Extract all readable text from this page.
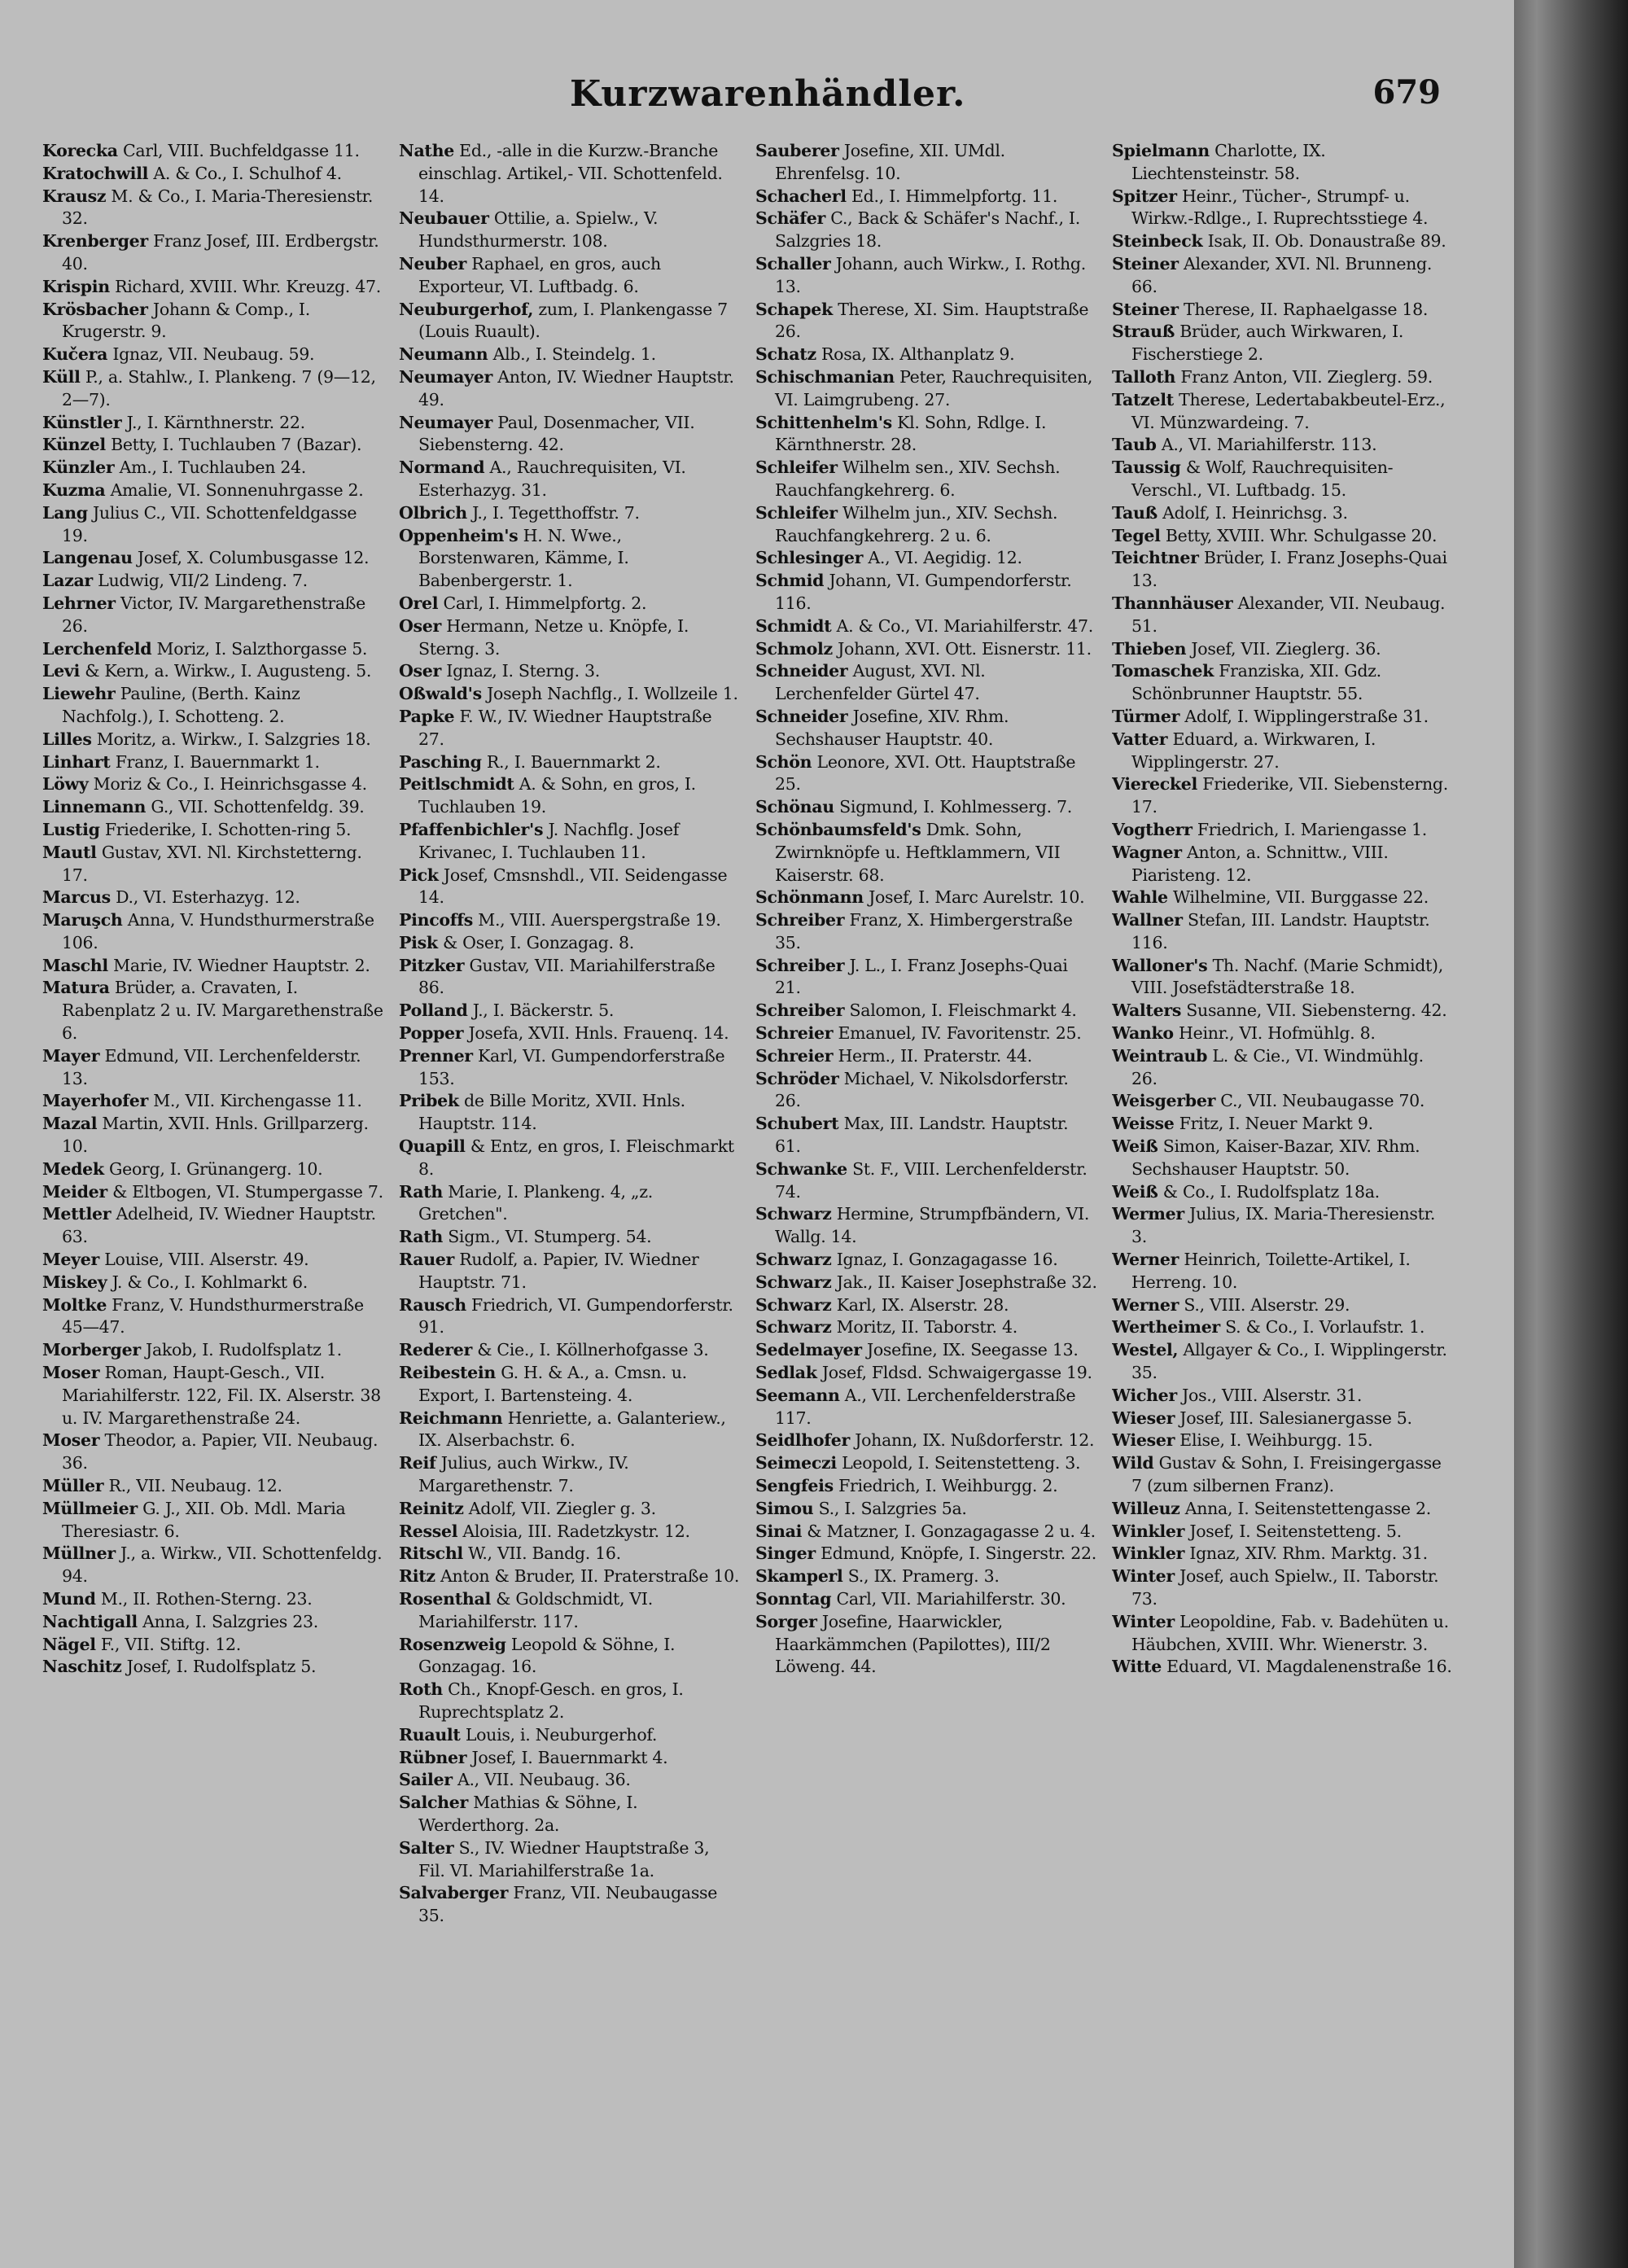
Kurzwarenhändler.	679

Korecka Carl, VIII. Buchfeldgasse 11.

Kratochwill A. & Co., I. Schulhof 4.

Krausz M. & Co., I. Maria-Theresienstr. 32.

Krenberger Franz Josef, III. Erdbergstr. 40.

Krispin Richard, XVIII. Whr. Kreuzg. 47.

Krösbacher Johann & Comp., I. Krugerstr. 9.

Kučera Ignaz, VII. Neubaug. 59.

Küll P., a. Stahlw., I. Plankeng. 7 (9—12, 2—7).

Künstler J., I. Kärnthnerstr. 22.

Künzel Betty, I. Tuchlauben 7 (Bazar).

Künzler Am., I. Tuchlauben 24.

Kuzma Amalie, VI. Sonnenuhrgasse 2.

Lang Julius C., VII. Schottenfeldgasse 19.

Langenau Josef, X. Columbusgasse 12.

Lazar Ludwig, VII/2 Lindeng. 7.

Lehrner Victor, IV. Margarethenstraße 26.

Lerchenfeld Moriz, I. Salzthorgasse 5.

Levi & Kern, a. Wirkw., I. Augusteng. 5.

Liewehr Pauline, (Berth. Kainz Nachfolg.), I. Schotteng. 2.

Lilles Moritz, a. Wirkw., I. Salzgries 18.

Linhart Franz, I. Bauernmarkt 1.

Löwy Moriz & Co., I. Heinrichsgasse 4.

Linnemann G., VII. Schottenfeldg. 39.

Lustig Friederike, I. Schotten-ring 5.

Mautl Gustav, XVI. Nl. Kirchstetterng. 17.

Marcus D., VI. Esterhazyg. 12.

Maruşch Anna, V. Hundsthurmerstraße 106.

Maschl Marie, IV. Wiedner Hauptstr. 2.

Matura Brüder, a. Cravaten, I. Rabenplatz 2 u. IV. Margarethenstraße 6.

Mayer Edmund, VII. Lerchenfelderstr. 13.

Mayerhofer M., VII. Kirchengasse 11.

Mazal Martin, XVII. Hnls. Grillparzerg. 10.

Medek Georg, I. Grünangerg. 10.

Meider & Eltbogen, VI. Stumpergasse 7.

Mettler Adelheid, IV. Wiedner Hauptstr. 63.

Meyer Louise, VIII. Alserstr. 49.

Miskey J. & Co., I. Kohlmarkt 6.

Moltke Franz, V. Hundsthurmerstraße 45—47.

Morberger Jakob, I. Rudolfsplatz 1.

Moser Roman, Haupt-Gesch., VII. Mariahilferstr. 122, Fil. IX. Alserstr. 38 u. IV. Margarethenstraße 24.

Moser Theodor, a. Papier, VII. Neubaug. 36.

Müller R., VII. Neubaug. 12.

Müllmeier G. J., XII. Ob. Mdl. Maria Theresiastr. 6.

Müllner J., a. Wirkw., VII. Schottenfeldg. 94.

Mund M., II. Rothen-Sterng. 23.

Nachtigall Anna, I. Salzgries 23.

Nägel F., VII. Stiftg. 12.

Naschitz Josef, I. Rudolfsplatz 5.

Nathe Ed., -alle in die Kurzw.-Branche einschlag. Artikel,- VII. Schottenfeld. 14.

Neubauer Ottilie, a. Spielw., V. Hundsthurmerstr. 108.

Neuber Raphael, en gros, auch Exporteur, VI. Luftbadg. 6.

Neuburgerhof, zum, I. Plankengasse 7 (Louis Ruault).

Neumann Alb., I. Steindelg. 1.

Neumayer Anton, IV. Wiedner Hauptstr. 49.

Neumayer Paul, Dosenmacher, VII. Siebensterng. 42.

Normand A., Rauchrequisiten, VI. Esterhazyg. 31.

Olbrich J., I. Tegetthoffstr. 7.

Oppenheim's H. N. Wwe., Borstenwaren, Kämme, I. Babenbergerstr. 1.

Orel Carl, I. Himmelpfortg. 2.

Oser Hermann, Netze u. Knöpfe, I. Sterng. 3.

Oser Ignaz, I. Sterng. 3.

Oßwald's Joseph Nachflg., I. Wollzeile 1.

Papke F. W., IV. Wiedner Hauptstraße 27.

Pasching R., I. Bauernmarkt 2.

Peitlschmidt A. & Sohn, en gros, I. Tuchlauben 19.

Pfaffenbichler's J. Nachflg. Josef Krivanec, I. Tuchlauben 11.

Pick Josef, Cmsnshdl., VII. Seidengasse 14.

Pincoffs M., VIII. Auerspergstraße 19.

Pisk & Oser, I. Gonzagag. 8.

Pitzker Gustav, VII. Mariahilferstraße 86.

Polland J., I. Bäckerstr. 5.

Popper Josefa, XVII. Hnls. Frauenq. 14.

Prenner Karl, VI. Gumpendorferstraße 153.

Pribek de Bille Moritz, XVII. Hnls. Hauptstr. 114.

Quapill & Entz, en gros, I. Fleischmarkt 8.

Rath Marie, I. Plankeng. 4, „z. Gretchen".

Rath Sigm., VI. Stumperg. 54.

Rauer Rudolf, a. Papier, IV. Wiedner Hauptstr. 71.

Rausch Friedrich, VI. Gumpendorferstr. 91.

Rederer & Cie., I. Köllnerhofgasse 3.

Reibestein G. H. & A., a. Cmsn. u. Export, I. Bartensteing. 4.

Reichmann Henriette, a. Galanteriew., IX. Alserbachstr. 6.

Reif Julius, auch Wirkw., IV. Margarethenstr. 7.

Reinitz Adolf, VII. Ziegler g. 3.

Ressel Aloisia, III. Radetzkystr. 12.

Ritschl W., VII. Bandg. 16.

Ritz Anton & Bruder, II. Praterstraße 10.

Rosenthal & Goldschmidt, VI. Mariahilferstr. 117.

Rosenzweig Leopold & Söhne, I. Gonzagag. 16.

Roth Ch., Knopf-Gesch. en gros, I. Ruprechtsplatz 2.

Ruault Louis, i. Neuburgerhof.

Rübner Josef, I. Bauernmarkt 4.

Sailer A., VII. Neubaug. 36.

Salcher Mathias & Söhne, I. Werderthorg. 2a.

Salter S., IV. Wiedner Hauptstraße 3, Fil. VI. Mariahilferstraße 1a.

Salvaberger Franz, VII. Neubaugasse 35.

Sauberer Josefine, XII. UMdl. Ehrenfelsg. 10.

Schacherl Ed., I. Himmelpfortg. 11.

Schäfer C., Back & Schäfer's Nachf., I. Salzgries 18.

Schaller Johann, auch Wirkw., I. Rothg. 13.

Schapek Therese, XI. Sim. Hauptstraße 26.

Schatz Rosa, IX. Althanplatz 9.

Schischmanian Peter, Rauchrequisiten, VI. Laimgrubeng. 27.

Schittenhelm's Kl. Sohn, Rdlge. I. Kärnthnerstr. 28.

Schleifer Wilhelm sen., XIV. Sechsh. Rauchfangkehrerg. 6.

Schleifer Wilhelm jun., XIV. Sechsh. Rauchfangkehrerg. 2 u. 6.

Schlesinger A., VI. Aegidig. 12.

Schmid Johann, VI. Gumpendorferstr. 116.

Schmidt A. & Co., VI. Mariahilferstr. 47.

Schmolz Johann, XVI. Ott. Eisnerstr. 11.

Schneider August, XVI. Nl. Lerchenfelder Gürtel 47.

Schneider Josefine, XIV. Rhm. Sechshauser Hauptstr. 40.

Schön Leonore, XVI. Ott. Hauptstraße 25.

Schönau Sigmund, I. Kohlmesserg. 7.

Schönbaumsfeld's Dmk. Sohn, Zwirnknöpfe u. Heftklammern, VII Kaiserstr. 68.

Schönmann Josef, I. Marc Aurelstr. 10.

Schreiber Franz, X. Himbergerstraße 35.

Schreiber J. L., I. Franz Josephs-Quai 21.

Schreiber Salomon, I. Fleischmarkt 4.

Schreier Emanuel, IV. Favoritenstr. 25.

Schreier Herm., II. Praterstr. 44.

Schröder Michael, V. Nikolsdorferstr. 26.

Schubert Max, III. Landstr. Hauptstr. 61.

Schwanke St. F., VIII. Lerchenfelderstr. 74.

Schwarz Hermine, Strumpfbändern, VI. Wallg. 14.

Schwarz Ignaz, I. Gonzagagasse 16.

Schwarz Jak., II. Kaiser Josephstraße 32.

Schwarz Karl, IX. Alserstr. 28.

Schwarz Moritz, II. Taborstr. 4.

Sedelmayer Josefine, IX. Seegasse 13.

Sedlak Josef, Fldsd. Schwaigergasse 19.

Seemann A., VII. Lerchenfelderstraße 117.

Seidlhofer Johann, IX. Nußdorferstr. 12.

Seimeczi Leopold, I. Seitenstetteng. 3.

Sengfeis Friedrich, I. Weihburgg. 2.

Simou S., I. Salzgries 5a.

Sinai & Matzner, I. Gonzagagasse 2 u. 4.

Singer Edmund, Knöpfe, I. Singerstr. 22.

Skamperl S., IX. Pramerg. 3.

Sonntag Carl, VII. Mariahilferstr. 30.

Sorger Josefine, Haarwickler, Haarkämmchen (Papilottes), III/2 Löweng. 44.

Spielmann Charlotte, IX. Liechtensteinstr. 58.

Spitzer Heinr., Tücher-, Strumpf- u. Wirkw.-Rdlge., I. Ruprechtsstiege 4.

Steinbeck Isak, II. Ob. Donaustraße 89.

Steiner Alexander, XVI. Nl. Brunneng. 66.

Steiner Therese, II. Raphaelgasse 18.

Strauß Brüder, auch Wirkwaren, I. Fischerstiege 2.

Talloth Franz Anton, VII. Zieglerg. 59.

Tatzelt Therese, Ledertabakbeutel-Erz., VI. Münzwardeing. 7.

Taub A., VI. Mariahilferstr. 113.

Taussig & Wolf, Rauchrequisiten-Verschl., VI. Luftbadg. 15.

Tauß Adolf, I. Heinrichsg. 3.

Tegel Betty, XVIII. Whr. Schulgasse 20.

Teichtner Brüder, I. Franz Josephs-Quai 13.

Thannhäuser Alexander, VII. Neubaug. 51.

Thieben Josef, VII. Zieglerg. 36.

Tomaschek Franziska, XII. Gdz. Schönbrunner Hauptstr. 55.

Türmer Adolf, I. Wipplingerstraße 31.

Vatter Eduard, a. Wirkwaren, I. Wipplingerstr. 27.

Viereckel Friederike, VII. Siebensterng. 17.

Vogtherr Friedrich, I. Mariengasse 1.

Wagner Anton, a. Schnittw., VIII. Piaristeng. 12.

Wahle Wilhelmine, VII. Burggasse 22.

Wallner Stefan, III. Landstr. Hauptstr. 116.

Walloner's Th. Nachf. (Marie Schmidt), VIII. Josefstädterstraße 18.

Walters Susanne, VII. Siebensterng. 42.

Wanko Heinr., VI. Hofmühlg. 8.

Weintraub L. & Cie., VI. Windmühlg. 26.

Weisgerber C., VII. Neubaugasse 70.

Weisse Fritz, I. Neuer Markt 9.

Weiß Simon, Kaiser-Bazar, XIV. Rhm. Sechshauser Hauptstr. 50.

Weiß & Co., I. Rudolfsplatz 18a.

Wermer Julius, IX. Maria-Theresienstr. 3.

Werner Heinrich, Toilette-Artikel, I. Herreng. 10.

Werner S., VIII. Alserstr. 29.

Wertheimer S. & Co., I. Vorlaufstr. 1.

Westel, Allgayer & Co., I. Wipplingerstr. 35.

Wicher Jos., VIII. Alserstr. 31.

Wieser Josef, III. Salesianergasse 5.

Wieser Elise, I. Weihburgg. 15.

Wild Gustav & Sohn, I. Freisingergasse 7 (zum silbernen Franz).

Willeuz Anna, I. Seitenstettengasse 2.

Winkler Josef, I. Seitenstetteng. 5.

Winkler Ignaz, XIV. Rhm. Marktg. 31.

Winter Josef, auch Spielw., II. Taborstr. 73.

Winter Leopoldine, Fab. v. Badehüten u. Häubchen, XVIII. Whr. Wienerstr. 3.

Witte Eduard, VI. Magdalenenstraße 16.
